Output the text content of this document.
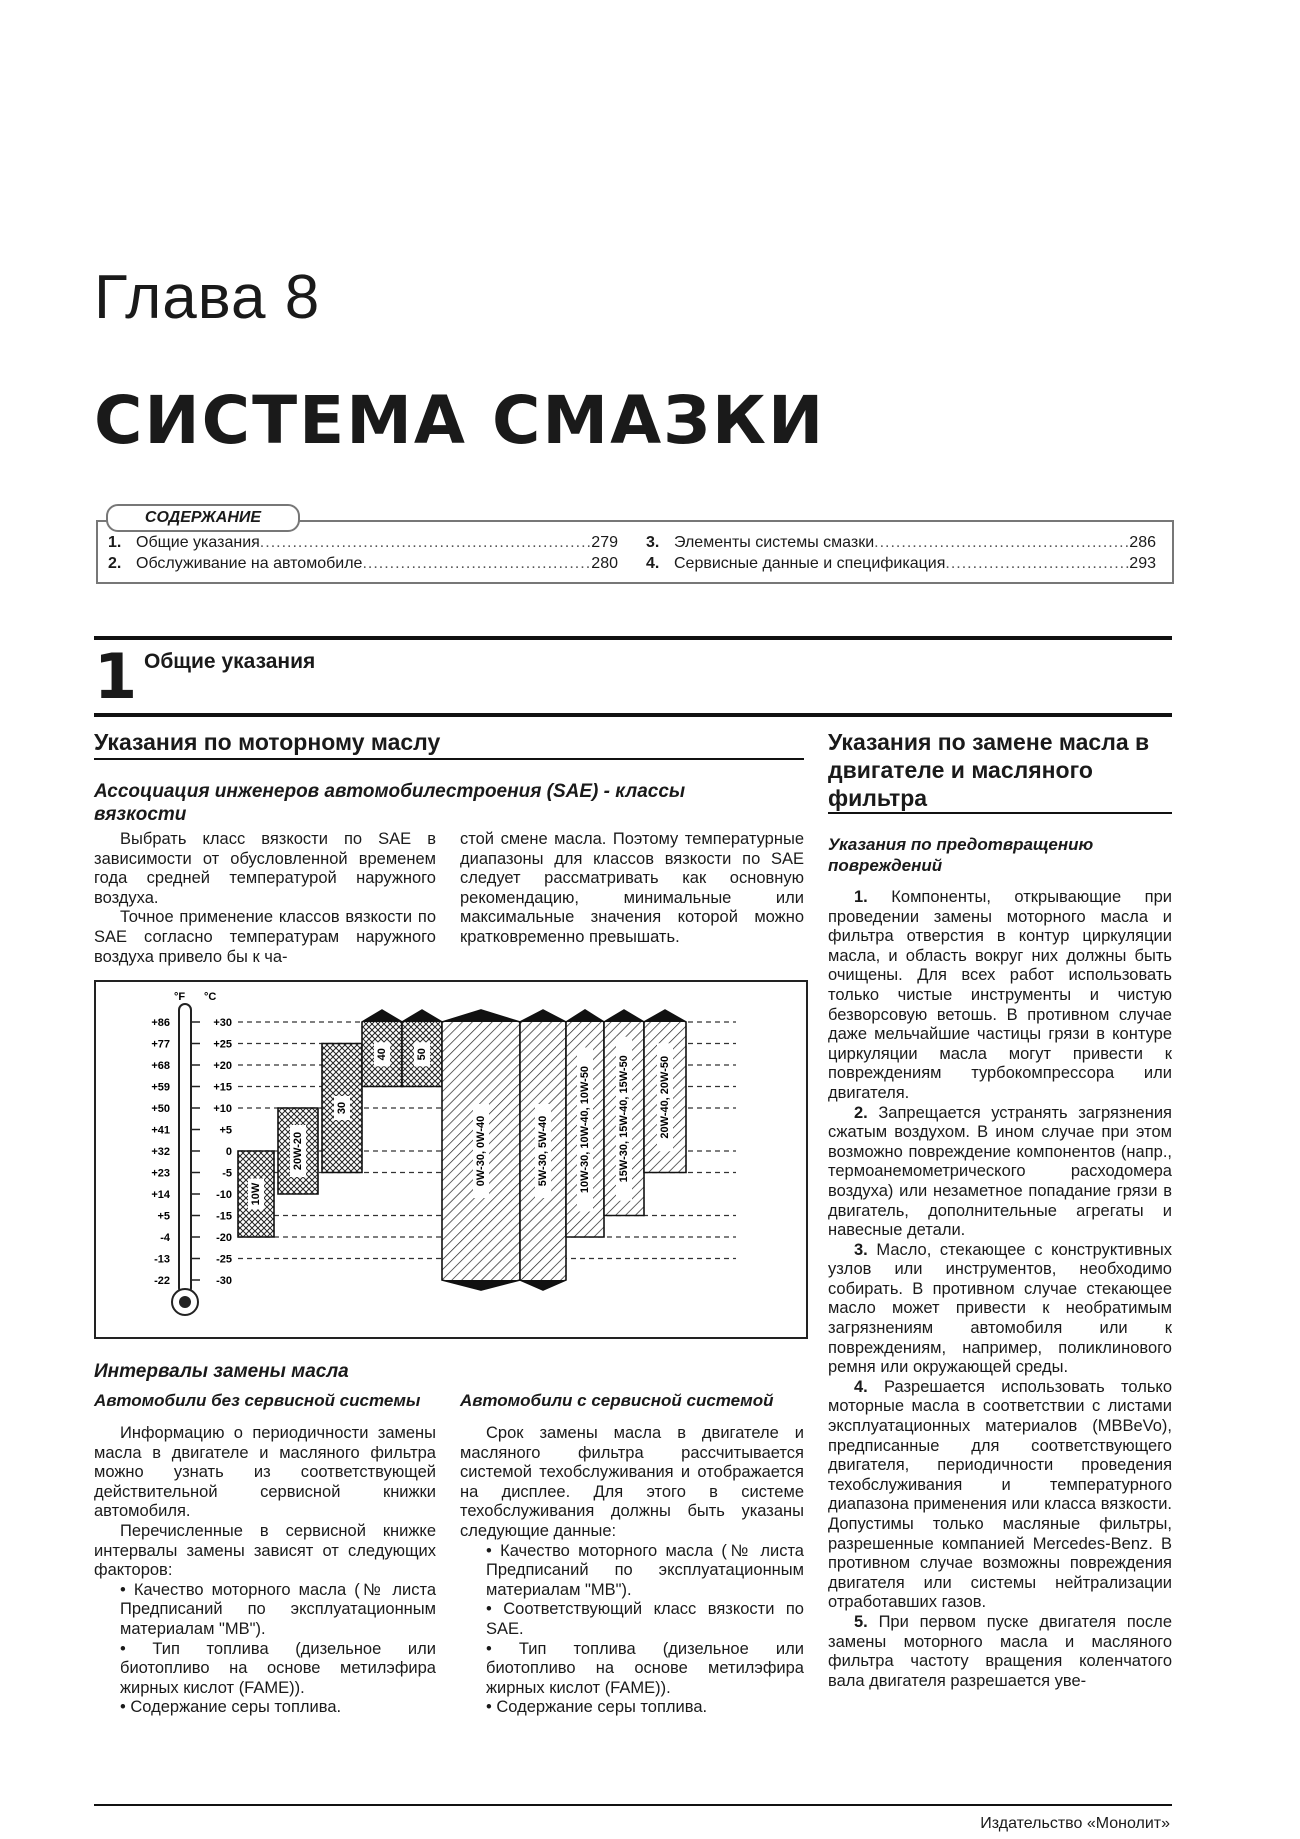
Глава 8
СИСТЕМА СМАЗКИ
СОДЕРЖАНИЕ
1. Общие указания .....	279
2. Обслуживание на автомобиле .....	280
3. Элементы системы смазки .....	286
4. Сервисные данные и спецификация .....	293
1 Общие указания
Указания по моторному маслу
Ассоциация инженеров автомобилестроения (SAE) - классы вязкости

Выбрать класс вязкости по SAE в зависимости от обусловленной временем года средней температурой наружного воздуха.

Точное применение классов вязкости по SAE согласно температурам наружного воздуха привело бы к ча-

стой смене масла. Поэтому температурные диапазоны для классов вязкости по SAE следует рассматривать как основную рекомендацию, минимальные или максимальные значения которой можно кратковременно превышать.

°F °C
+86	+30
+77	+25
+68	+20
+59	+15
+50	+10
+41	+5
+32	0
+23	-5
+14	-10
+5	-15
-4	-20
-13	-25
-22	-30
10W
20W-20
30
40	50
0W-30, 0W-40	5W-30, 5W-40	10W-30, 10W-40, 10W-50 15W-30, 15W-40, 15W-50	20W-40, 20W-50
Интервалы замены масла
Автомобили без сервисной системы

Информацию о периодичности замены масла в двигателе и масляного фильтра можно узнать из соответствующей действительной сервисной книжки автомобиля.

Перечисленные в сервисной книжке интервалы замены зависят от следующих факторов:

• Качество моторного масла (№ листа Предписаний по эксплуатационным материалам "MB").

• Тип топлива (дизельное или биотопливо на основе метилэфира жирных кислот (FAME)).

• Содержание серы топлива.

Автомобили с сервисной системой

Срок замены масла в двигателе и масляного фильтра рассчитывается системой техобслуживания и отображается на дисплее. Для этого в системе техобслуживания должны быть указаны следующие данные:

• Качество моторного масла (№ листа Предписаний по эксплуатационным материалам "MB").

• Соответствующий класс вязкости по SAE.

• Тип топлива (дизельное или биотопливо на основе метилэфира жирных кислот (FAME)).

• Содержание серы топлива.

Указания по замене масла в двигателе и масляного фильтра
Указания по предотвращению повреждений

1. Компоненты, открывающие при проведении замены моторного масла и фильтра отверстия в контур циркуляции масла, и область вокруг них должны быть очищены. Для всех работ использовать только чистые инструменты и чистую безворсовую ветошь. В противном случае даже мельчайшие частицы грязи в контуре циркуляции масла могут привести к повреждениям турбокомпрессора или двигателя.

2. Запрещается устранять загрязнения сжатым воздухом. В ином случае при этом возможно повреждение компонентов (напр., термоанемометрического расходомера воздуха) или незаметное попадание грязи в двигатель, дополнительные агрегаты и навесные детали.

3. Масло, стекающее с конструктивных узлов или инструментов, необходимо собирать. В противном случае стекающее масло может привести к необратимым загрязнениям автомобиля или к повреждениям, например, поликлинового ремня или окружающей среды.

4. Разрешается использовать только моторные масла в соответствии с листами эксплуатационных материалов (MBBeVo), предписанные для соответствующего двигателя, периодичности проведения техобслуживания и температурного диапазона применения или класса вязкости. Допустимы только масляные фильтры, разрешенные компанией Mercedes-Benz. В противном случае возможны повреждения двигателя или системы нейтрализации отработавших газов.

5. При первом пуске двигателя после замены моторного масла и масляного фильтра частоту вращения коленчатого вала двигателя разрешается уве-

Издательство «Монолит»
